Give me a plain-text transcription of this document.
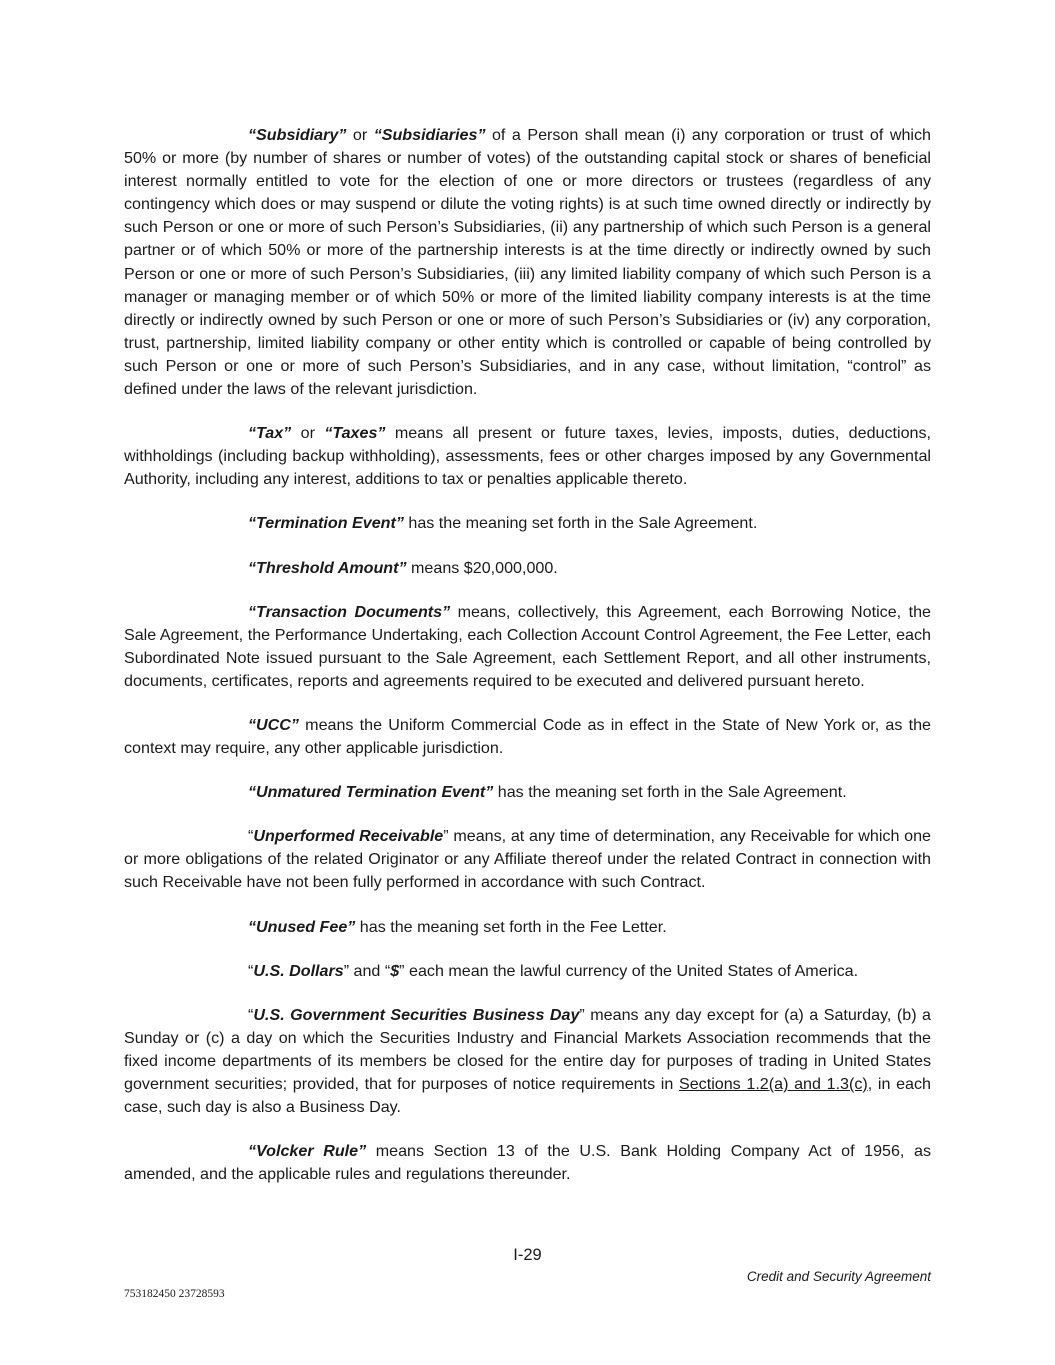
“Subsidiary” or “Subsidiaries” of a Person shall mean (i) any corporation or trust of which 50% or more (by number of shares or number of votes) of the outstanding capital stock or shares of beneficial interest normally entitled to vote for the election of one or more directors or trustees (regardless of any contingency which does or may suspend or dilute the voting rights) is at such time owned directly or indirectly by such Person or one or more of such Person’s Subsidiaries, (ii) any partnership of which such Person is a general partner or of which 50% or more of the partnership interests is at the time directly or indirectly owned by such Person or one or more of such Person’s Subsidiaries, (iii) any limited liability company of which such Person is a manager or managing member or of which 50% or more of the limited liability company interests is at the time directly or indirectly owned by such Person or one or more of such Person’s Subsidiaries or (iv) any corporation, trust, partnership, limited liability company or other entity which is controlled or capable of being controlled by such Person or one or more of such Person’s Subsidiaries, and in any case, without limitation, “control” as defined under the laws of the relevant jurisdiction.

“Tax” or “Taxes” means all present or future taxes, levies, imposts, duties, deductions, withholdings (including backup withholding), assessments, fees or other charges imposed by any Governmental Authority, including any interest, additions to tax or penalties applicable thereto.

“Termination Event” has the meaning set forth in the Sale Agreement.

“Threshold Amount” means $20,000,000.

“Transaction Documents” means, collectively, this Agreement, each Borrowing Notice, the Sale Agreement, the Performance Undertaking, each Collection Account Control Agreement, the Fee Letter, each Subordinated Note issued pursuant to the Sale Agreement, each Settlement Report, and all other instruments, documents, certificates, reports and agreements required to be executed and delivered pursuant hereto.

“UCC” means the Uniform Commercial Code as in effect in the State of New York or, as the context may require, any other applicable jurisdiction.

“Unmatured Termination Event” has the meaning set forth in the Sale Agreement.

“Unperformed Receivable” means, at any time of determination, any Receivable for which one or more obligations of the related Originator or any Affiliate thereof under the related Contract in connection with such Receivable have not been fully performed in accordance with such Contract.

“Unused Fee” has the meaning set forth in the Fee Letter.

“U.S. Dollars” and “$” each mean the lawful currency of the United States of America.

“U.S. Government Securities Business Day” means any day except for (a) a Saturday, (b) a Sunday or (c) a day on which the Securities Industry and Financial Markets Association recommends that the fixed income departments of its members be closed for the entire day for purposes of trading in United States government securities; provided, that for purposes of notice requirements in Sections 1.2(a) and 1.3(c), in each case, such day is also a Business Day.

“Volcker Rule” means Section 13 of the U.S. Bank Holding Company Act of 1956, as amended, and the applicable rules and regulations thereunder.

I-29
Credit and Security Agreement
753182450 23728593
